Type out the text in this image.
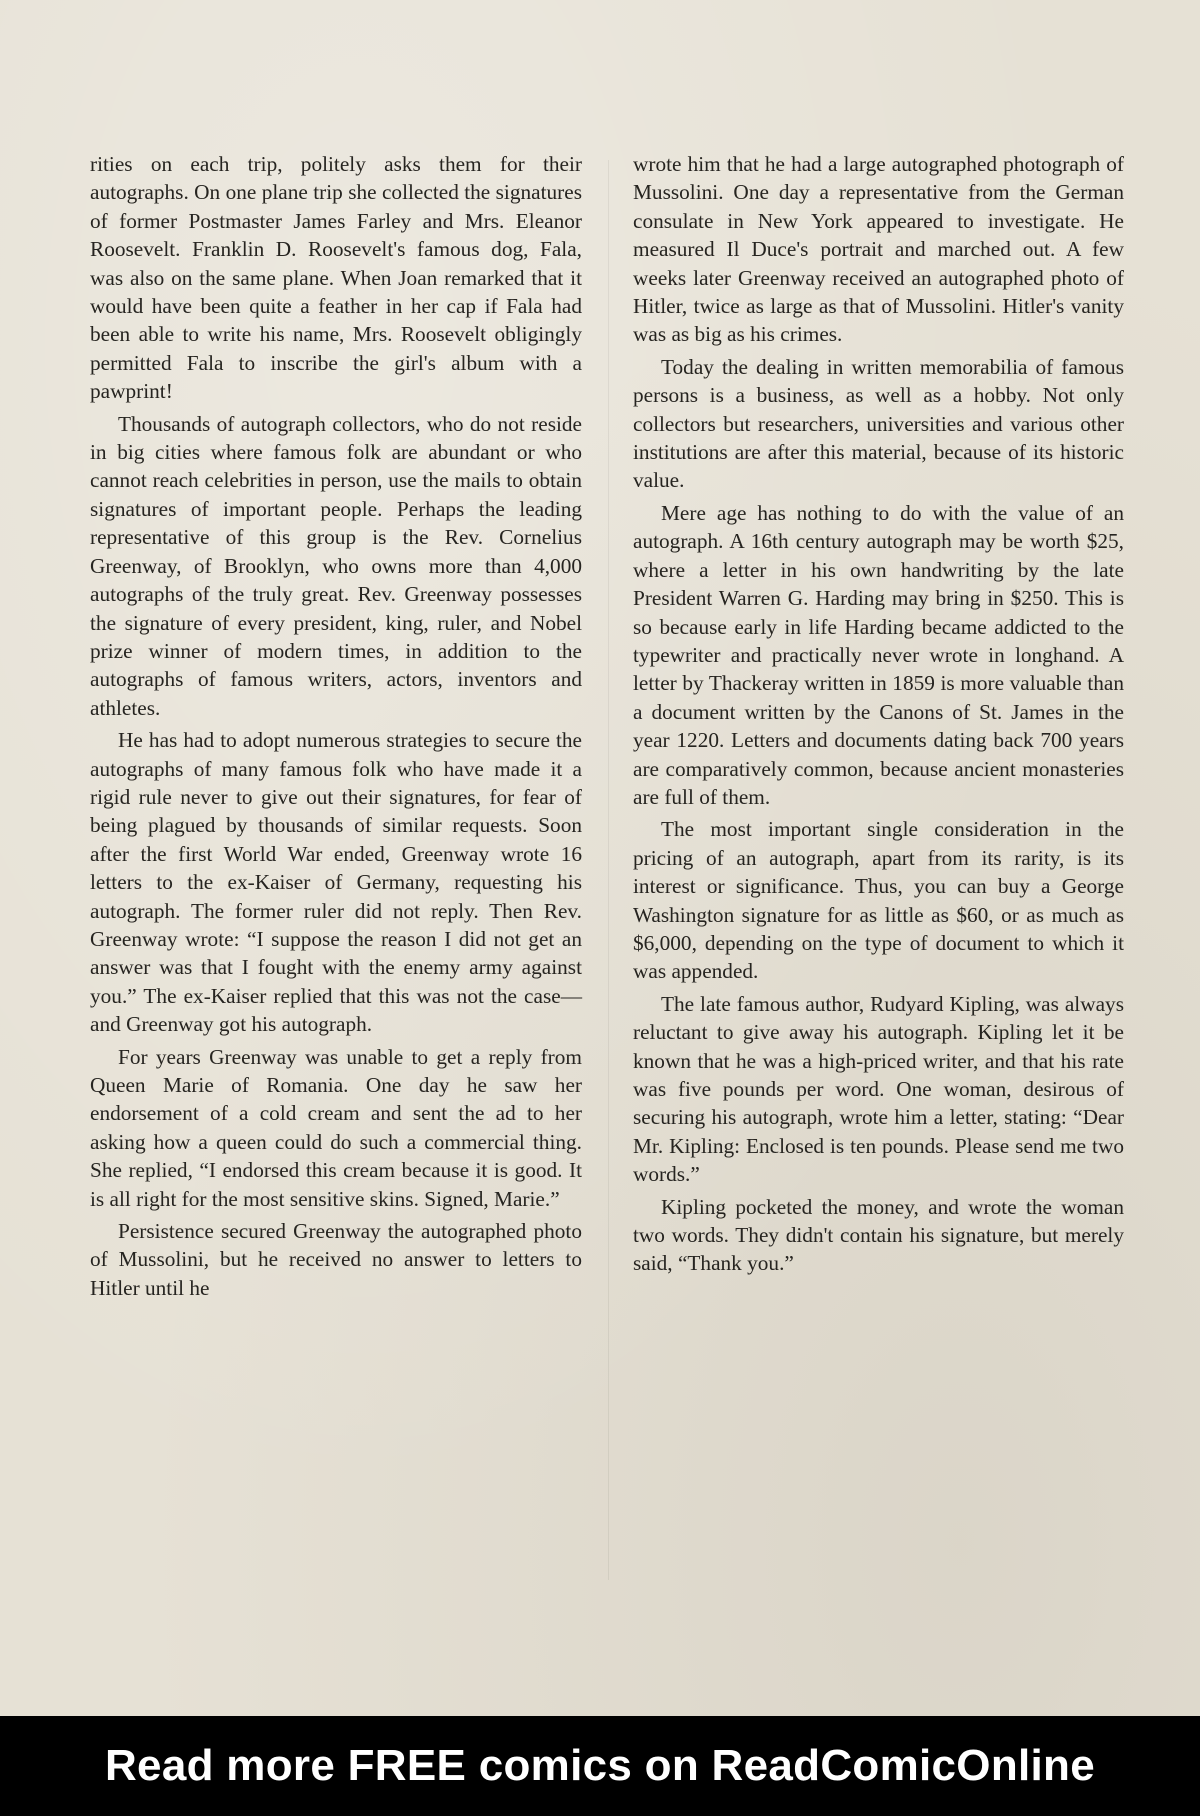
rities on each trip, politely asks them for their autographs. On one plane trip she collected the signatures of former Postmaster James Farley and Mrs. Eleanor Roosevelt. Franklin D. Roosevelt's famous dog, Fala, was also on the same plane. When Joan remarked that it would have been quite a feather in her cap if Fala had been able to write his name, Mrs. Roosevelt obligingly permitted Fala to inscribe the girl's album with a pawprint!

Thousands of autograph collectors, who do not reside in big cities where famous folk are abundant or who cannot reach celebrities in person, use the mails to obtain signatures of important people. Perhaps the leading representative of this group is the Rev. Cornelius Greenway, of Brooklyn, who owns more than 4,000 autographs of the truly great. Rev. Greenway possesses the signature of every president, king, ruler, and Nobel prize winner of modern times, in addition to the autographs of famous writers, actors, inventors and athletes.

He has had to adopt numerous strategies to secure the autographs of many famous folk who have made it a rigid rule never to give out their signatures, for fear of being plagued by thousands of similar requests. Soon after the first World War ended, Greenway wrote 16 letters to the ex-Kaiser of Germany, requesting his autograph. The former ruler did not reply. Then Rev. Greenway wrote: “I suppose the reason I did not get an answer was that I fought with the enemy army against you.” The ex-Kaiser replied that this was not the case—and Greenway got his autograph.

For years Greenway was unable to get a reply from Queen Marie of Romania. One day he saw her endorsement of a cold cream and sent the ad to her asking how a queen could do such a commercial thing. She replied, “I endorsed this cream because it is good. It is all right for the most sensitive skins. Signed, Marie.”

Persistence secured Greenway the autographed photo of Mussolini, but he received no answer to letters to Hitler until he

wrote him that he had a large autographed photograph of Mussolini. One day a representative from the German consulate in New York appeared to investigate. He measured Il Duce's portrait and marched out. A few weeks later Greenway received an autographed photo of Hitler, twice as large as that of Mussolini. Hitler's vanity was as big as his crimes.

Today the dealing in written memorabilia of famous persons is a business, as well as a hobby. Not only collectors but researchers, universities and various other institutions are after this material, because of its historic value.

Mere age has nothing to do with the value of an autograph. A 16th century autograph may be worth $25, where a letter in his own handwriting by the late President Warren G. Harding may bring in $250. This is so because early in life Harding became addicted to the typewriter and practically never wrote in longhand. A letter by Thackeray written in 1859 is more valuable than a document written by the Canons of St. James in the year 1220. Letters and documents dating back 700 years are comparatively common, because ancient monasteries are full of them.

The most important single consideration in the pricing of an autograph, apart from its rarity, is its interest or significance. Thus, you can buy a George Washington signature for as little as $60, or as much as $6,000, depending on the type of document to which it was appended.

The late famous author, Rudyard Kipling, was always reluctant to give away his autograph. Kipling let it be known that he was a high-priced writer, and that his rate was five pounds per word. One woman, desirous of securing his autograph, wrote him a letter, stating: “Dear Mr. Kipling: Enclosed is ten pounds. Please send me two words.”

Kipling pocketed the money, and wrote the woman two words. They didn't contain his signature, but merely said, “Thank you.”

Read more FREE comics on ReadComicOnline
